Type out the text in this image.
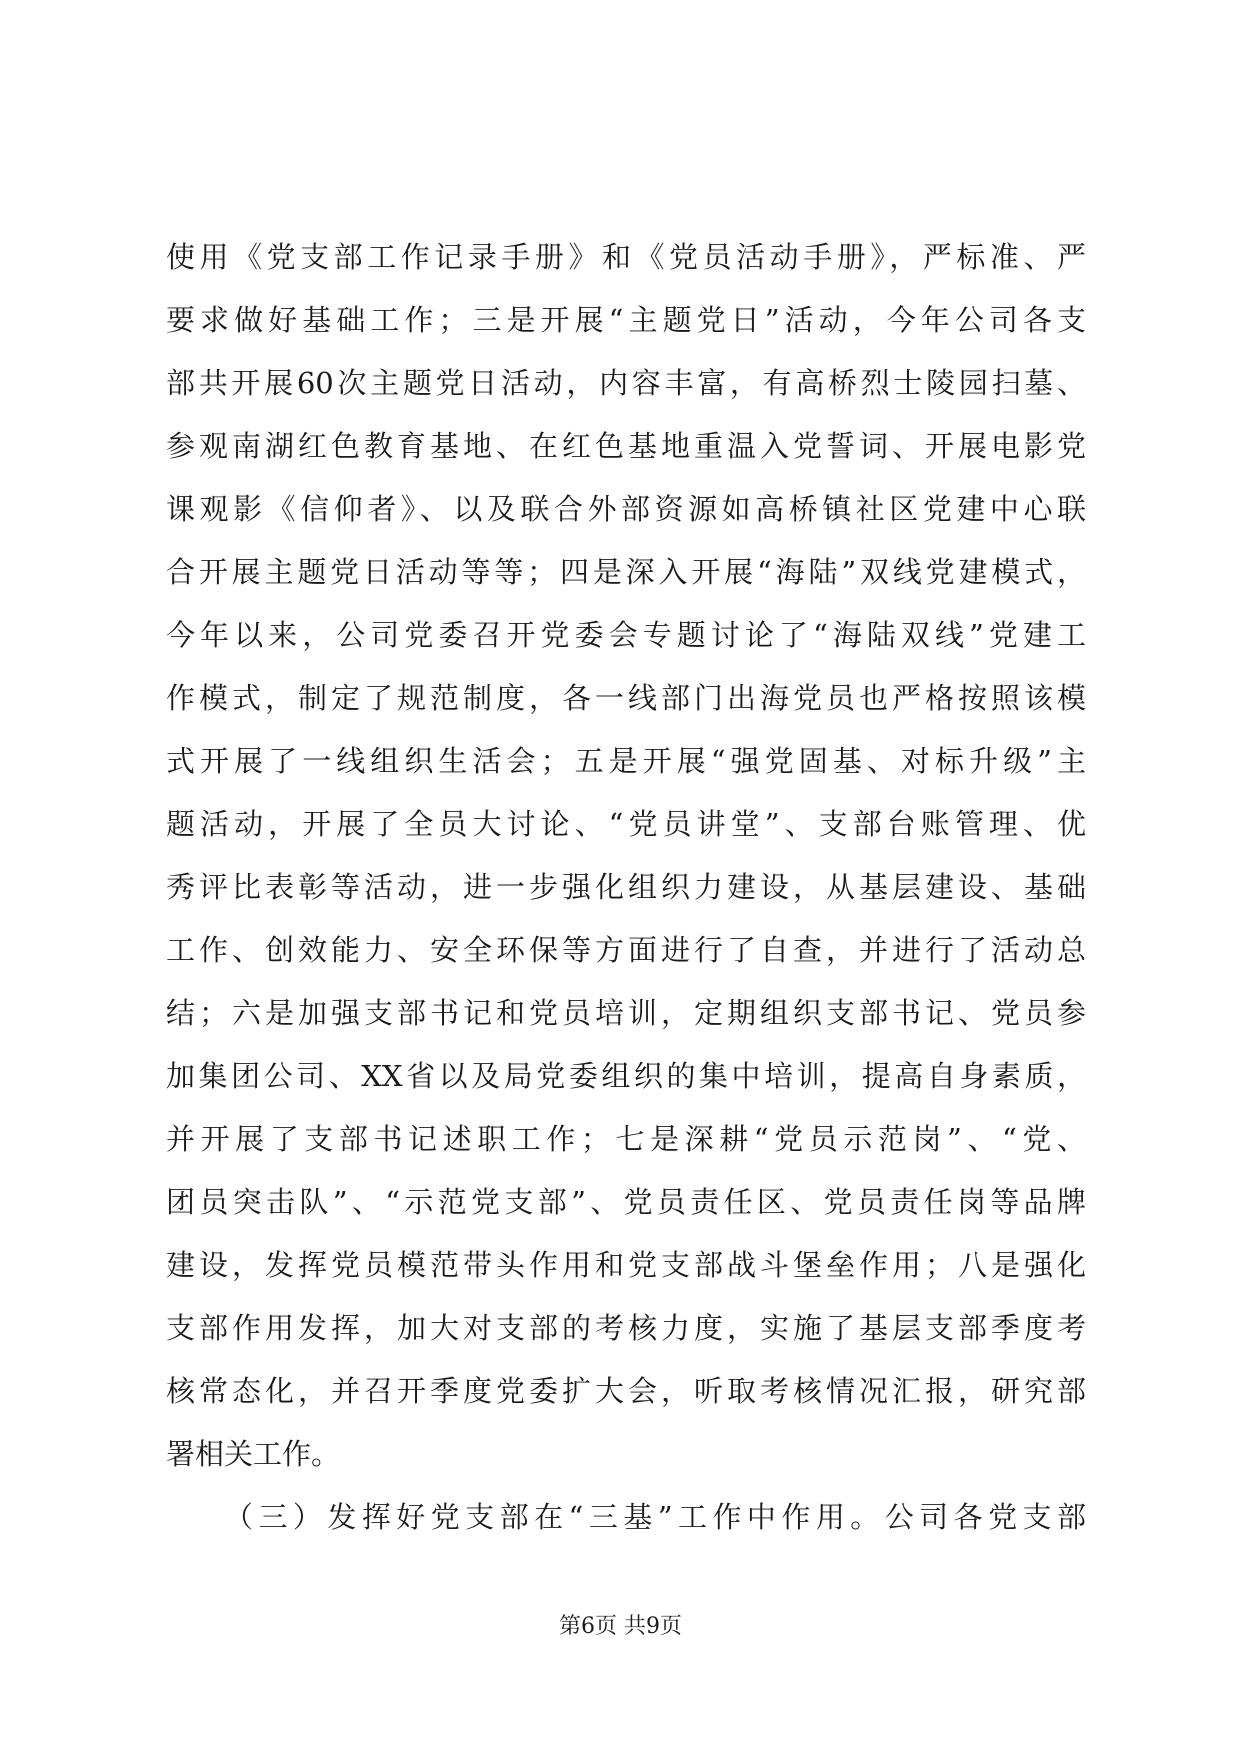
使用《党支部工作记录手册》和《党员活动手册》，严标准、严
要求做好基础工作；三是开展“主题党日”活动，今年公司各支
部共开展60次主题党日活动，内容丰富，有高桥烈士陵园扫墓、
参观南湖红色教育基地、在红色基地重温入党誓词、开展电影党
课观影《信仰者》、以及联合外部资源如高桥镇社区党建中心联
合开展主题党日活动等等；四是深入开展“海陆”双线党建模式，
今年以来，公司党委召开党委会专题讨论了“海陆双线”党建工
作模式，制定了规范制度，各一线部门出海党员也严格按照该模
式开展了一线组织生活会；五是开展“强党固基、对标升级”主
题活动，开展了全员大讨论、“党员讲堂”、支部台账管理、优
秀评比表彰等活动，进一步强化组织力建设，从基层建设、基础
工作、创效能力、安全环保等方面进行了自查，并进行了活动总
结；六是加强支部书记和党员培训，定期组织支部书记、党员参
加集团公司、XX省以及局党委组织的集中培训，提高自身素质，
并开展了支部书记述职工作；七是深耕“党员示范岗”、“党、
团员突击队”、“示范党支部”、党员责任区、党员责任岗等品牌
建设，发挥党员模范带头作用和党支部战斗堡垒作用；八是强化
支部作用发挥，加大对支部的考核力度，实施了基层支部季度考
核常态化，并召开季度党委扩大会，听取考核情况汇报，研究部
署相关工作。
（三）发挥好党支部在“三基”工作中作用。公司各党支部
第6页 共9页
